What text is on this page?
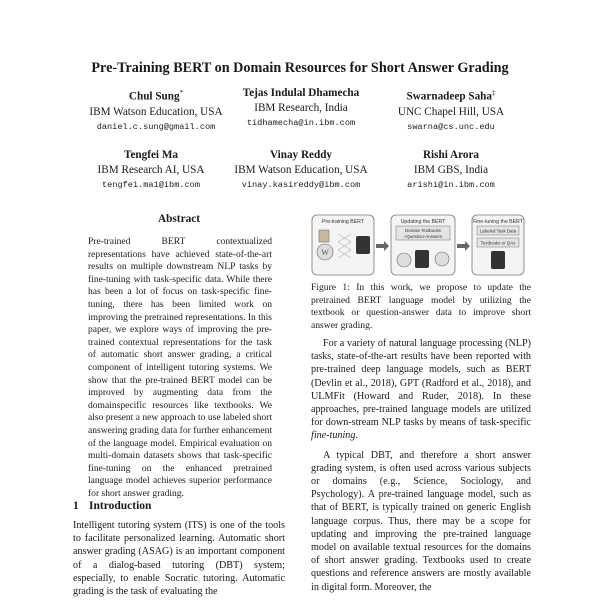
Pre-Training BERT on Domain Resources for Short Answer Grading
Chul Sung*
IBM Watson Education, USA
daniel.c.sung@gmail.com
Tejas Indulal Dhamecha
IBM Research, India
tidhamecha@in.ibm.com
Swarnadeep Saha‡
UNC Chapel Hill, USA
swarna@cs.unc.edu
Tengfei Ma
IBM Research AI, USA
tengfei.ma1@ibm.com
Vinay Reddy
IBM Watson Education, USA
vinay.kasireddy@ibm.com
Rishi Arora
IBM GBS, India
arishi@in.ibm.com
Abstract
Pre-trained BERT contextualized representations have achieved state-of-the-art results on multiple downstream NLP tasks by fine-tuning with task-specific data. While there has been a lot of focus on task-specific fine-tuning, there has been limited work on improving the pretrained representations. In this paper, we explore ways of improving the pre-trained contextual representations for the task of automatic short answer grading, a critical component of intelligent tutoring systems. We show that the pre-trained BERT model can be improved by augmenting data from the domainspecific resources like textbooks. We also present a new approach to use labeled short answering grading data for further enhancement of the language model. Empirical evaluation on multi-domain datasets shows that task-specific fine-tuning on the enhanced pretrained language model achieves superior performance for short answer grading.
1 Introduction
Intelligent tutoring system (ITS) is one of the tools to facilitate personalized learning. Automatic short answer grading (ASAG) is an important component of a dialog-based tutoring (DBT) system; especially, to enable Socratic tutoring. Automatic grading is the task of evaluating the
Pre-training BERT
W
Updating the BERT
Domain Textbooks
+Question-Answers
Fine-tuning the BERT
Labeled Task Data
Textbooks or QAs
Figure 1: In this work, we propose to update the pretrained BERT language model by utilizing the textbook or question-answer data to improve short answer grading.

For a variety of natural language processing (NLP) tasks, state-of-the-art results have been reported with pre-trained deep language models, such as BERT (Devlin et al., 2018), GPT (Radford et al., 2018), and ULMFit (Howard and Ruder, 2018). In these approaches, pre-trained language models are utilized for down-stream NLP tasks by means of task-specific fine-tuning.

A typical DBT, and therefore a short answer grading system, is often used across various subjects or domains (e.g., Science, Sociology, and Psychology). A pre-trained language model, such as that of BERT, is typically trained on generic English language corpus. Thus, there may be a scope for updating and improving the pre-trained language model on available textual resources for the domains of short answer grading. Textbooks used to create questions and reference answers are mostly available in digital form. Moreover, the
